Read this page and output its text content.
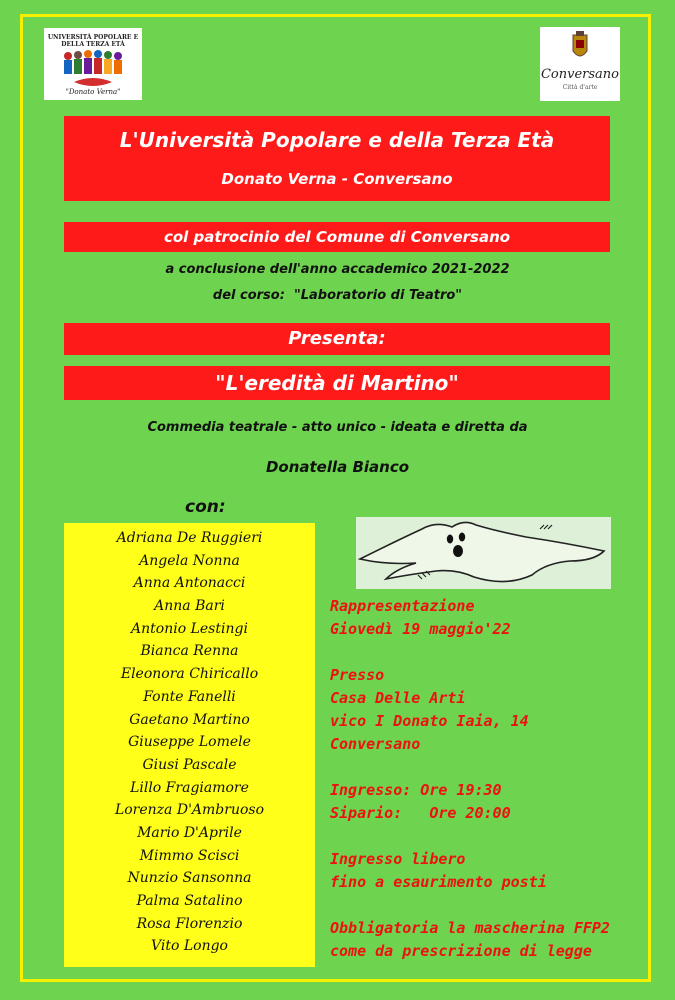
UNIVERSITÀ POPOLARE E DELLA TERZA ETÀ
"Donato Verna"
Conversano
Città d'arte
L'Università Popolare e della Terza Età
Donato Verna - Conversano
col patrocinio del Comune di Conversano
a conclusione dell'anno accademico 2021-2022
del corso:  "Laboratorio di Teatro"
Presenta:
"L'eredità di Martino"
Commedia teatrale - atto unico - ideata e diretta da
Donatella Bianco
con:
Adriana De Ruggieri
Angela Nonna
Anna Antonacci
Anna Bari
Antonio Lestingi
Bianca Renna
Eleonora Chiricallo
Fonte Fanelli
Gaetano Martino
Giuseppe Lomele
Giusi Pascale
Lillo Fragiamore
Lorenza D'Ambruoso
Mario D'Aprile
Mimmo Scisci
Nunzio Sansonna
Palma Satalino
Rosa Florenzio
Vito Longo
Rappresentazione
Giovedì 19 maggio'22
Presso
Casa Delle Arti
vico I Donato Iaia, 14
Conversano
Ingresso: Ore 19:30
Sipario:   Ore 20:00
Ingresso libero
fino a esaurimento posti
Obbligatoria la mascherina FFP2
come da prescrizione di legge
